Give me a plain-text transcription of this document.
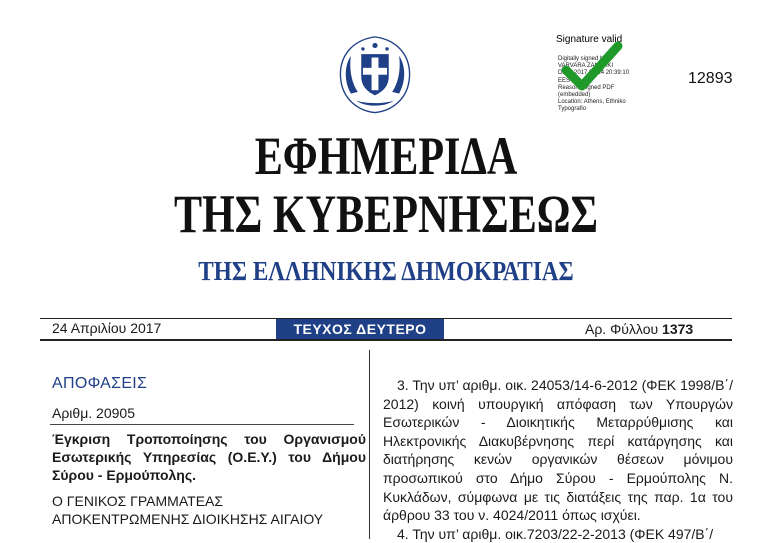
Signature valid
Digitally signed by
VARVARA ZANNAKI
Date: 2017.04.24 20:39:10
EEST
Reason: Signed PDF
(embedded)
Location: Athens, Ethniko
Typografio
12893
ΕΦΗΜΕΡΙΔΑ
ΤΗΣ ΚΥΒΕΡΝΗΣΕΩΣ
ΤΗΣ ΕΛΛΗΝΙΚΗΣ ΔΗΜΟΚΡΑΤΙΑΣ
24 Απριλίου 2017	ΤΕΥΧΟΣ ΔΕΥΤΕΡΟ	Αρ. Φύλλου 1373
ΑΠΟΦΑΣΕΙΣ
Αριθμ. 20905
Έγκριση Τροποποίησης του Οργανισμού Εσωτερικής Υπηρεσίας (Ο.Ε.Υ.) του Δήμου Σύρου - Ερμούπολης.
Ο ΓΕΝΙΚΟΣ ΓΡΑΜΜΑΤΕΑΣ
ΑΠΟΚΕΝΤΡΩΜΕΝΗΣ ΔΙΟΙΚΗΣΗΣ ΑΙΓΑΙΟΥ

3. Την υπ’ αριθμ. οικ. 24053/14-6-2012 (ΦΕΚ 1998/Β΄/ 2012) κοινή υπουργική απόφαση των Υπουργών Εσωτερικών - Διοικητικής Μεταρρύθμισης και Ηλεκτρονικής Διακυβέρνησης περί κατάργησης και διατήρησης κενών οργανικών θέσεων μόνιμου προσωπικού στο Δήμο Σύρου - Ερμούπολης Ν. Κυκλάδων, σύμφωνα με τις διατάξεις της παρ. 1α του άρθρου 33 του ν. 4024/2011 όπως ισχύει.

4. Την υπ’ αριθμ. οικ.7203/22-2-2013 (ΦΕΚ 497/Β΄/
